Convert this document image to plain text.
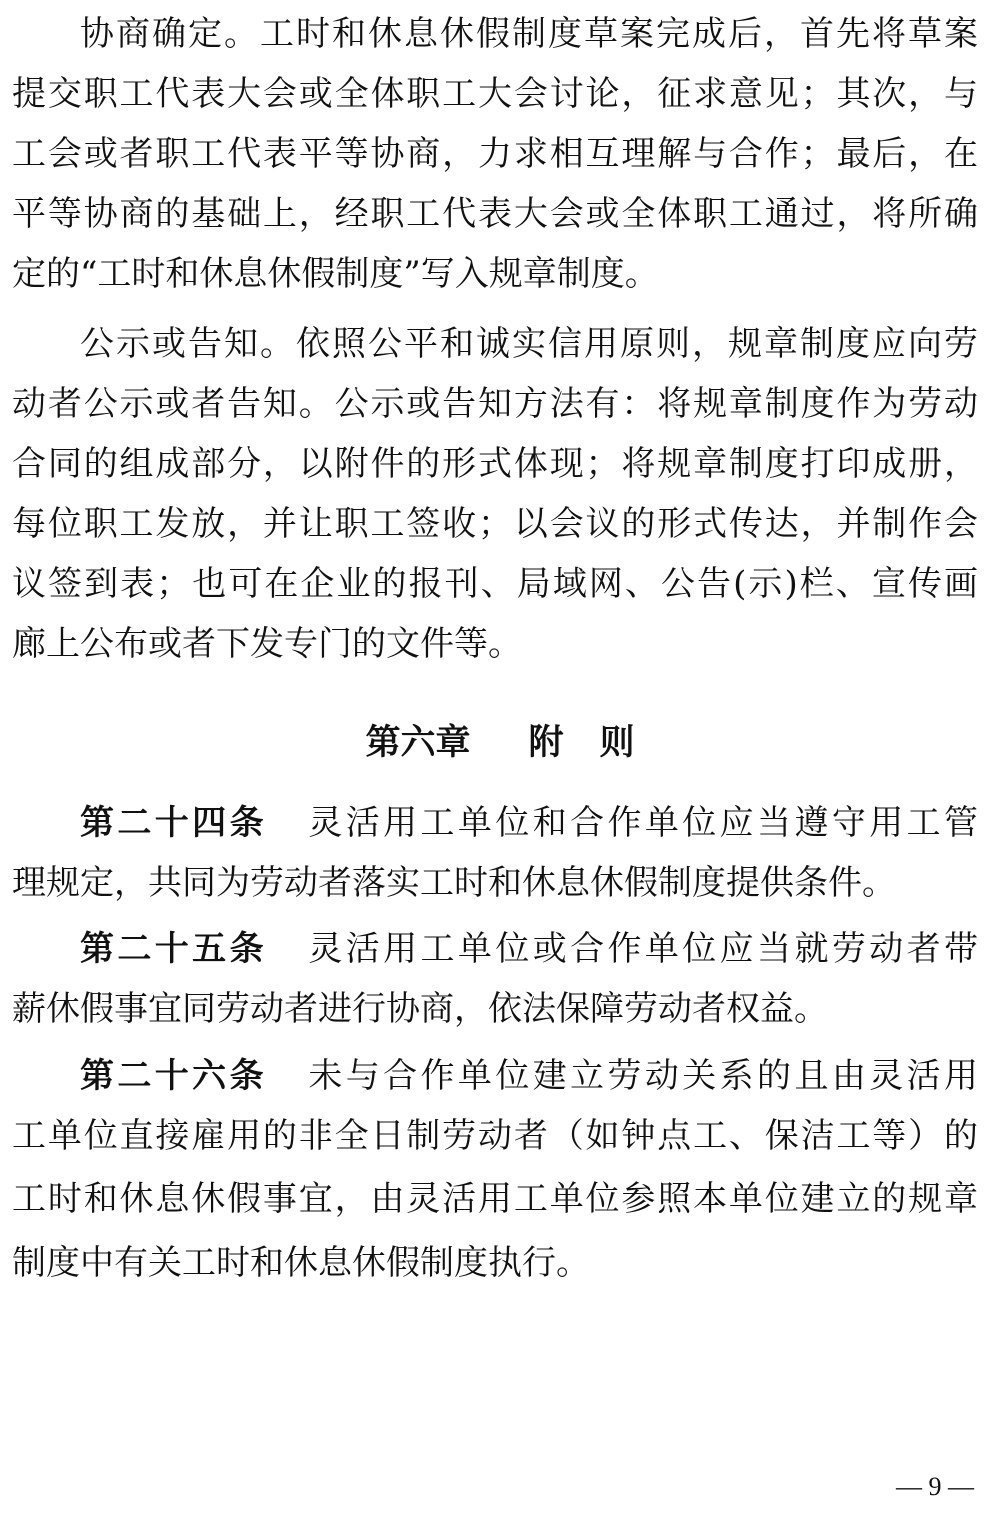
协商确定。工时和休息休假制度草案完成后，首先将草案
提交职工代表大会或全体职工大会讨论，征求意见；其次，与
工会或者职工代表平等协商，力求相互理解与合作；最后，在
平等协商的基础上，经职工代表大会或全体职工通过，将所确
定的“工时和休息休假制度”写入规章制度。
公示或告知。依照公平和诚实信用原则，规章制度应向劳
动者公示或者告知。公示或告知方法有：将规章制度作为劳动
合同的组成部分，以附件的形式体现；将规章制度打印成册，
每位职工发放，并让职工签收；以会议的形式传达，并制作会
议签到表；也可在企业的报刊、局域网、公告(示)栏、宣传画
廊上公布或者下发专门的文件等。
第六章 附 则
第二十四条 灵活用工单位和合作单位应当遵守用工管
理规定，共同为劳动者落实工时和休息休假制度提供条件。
第二十五条 灵活用工单位或合作单位应当就劳动者带
薪休假事宜同劳动者进行协商，依法保障劳动者权益。
第二十六条 未与合作单位建立劳动关系的且由灵活用
工单位直接雇用的非全日制劳动者（如钟点工、保洁工等）的
工时和休息休假事宜，由灵活用工单位参照本单位建立的规章
制度中有关工时和休息休假制度执行。
— 9 —
